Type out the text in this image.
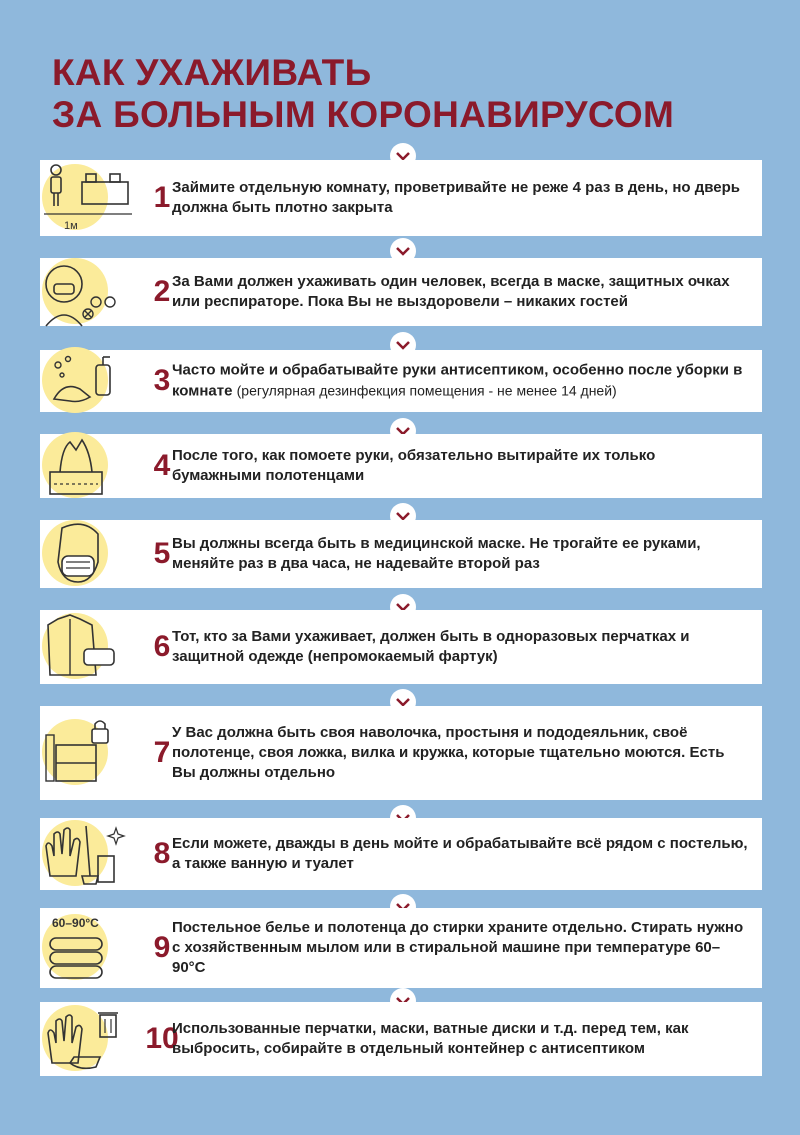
КАК УХАЖИВАТЬ
ЗА БОЛЬНЫМ КОРОНАВИРУСОМ
1м
1 Займите отдельную комнату, проветривайте не реже 4 раз в день, но дверь должна быть плотно закрыта
2 За Вами должен ухаживать один человек, всегда в маске, защитных очках или респираторе. Пока Вы не выздоровели – никаких гостей
3 Часто мойте и обрабатывайте руки антисептиком, особенно после уборки в комнате (регулярная дезинфекция помещения - не менее 14 дней)
4 После того, как помоете руки, обязательно вытирайте их только бумажными полотенцами
5 Вы должны всегда быть в медицинской маске. Не трогайте ее руками, меняйте раз в два часа, не надевайте второй раз
6 Тот, кто за Вами ухаживает, должен быть в одноразовых перчатках и защитной одежде (непромокаемый фартук)
7
У Вас должна быть своя наволочка, простыня и пододеяльник, своё полотенце, своя ложка, вилка и кружка, которые тщательно моются. Есть Вы должны отдельно
8 Если можете, дважды в день мойте и обрабатывайте всё рядом с постелью, а также ванную и туалет
60–90°C
9
Постельное белье и полотенца до стирки храните отдельно. Стирать нужно с хозяйственным мылом или в стиральной машине при температуре 60–90°C
10
Использованные перчатки, маски, ватные диски и т.д. перед тем, как выбросить, собирайте в отдельный контейнер с антисептиком
